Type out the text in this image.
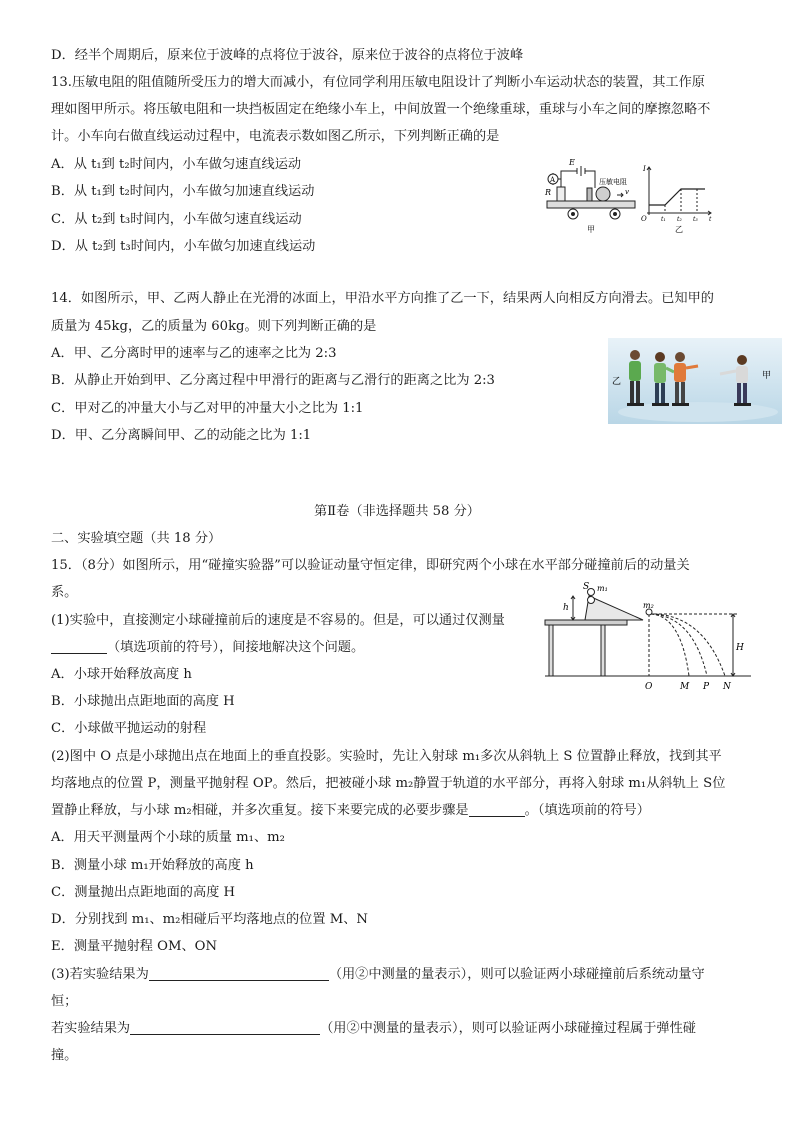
D．经半个周期后，原来位于波峰的点将位于波谷，原来位于波谷的点将位于波峰
13.压敏电阻的阻值随所受压力的增大而减小，有位同学利用压敏电阻设计了判断小车运动状态的装置，其工作原
理如图甲所示。将压敏电阻和一块挡板固定在绝缘小车上，中间放置一个绝缘重球，重球与小车之间的摩擦忽略不
计。小车向右做直线运动过程中，电流表示数如图乙所示，下列判断正确的是
A．从 t₁到 t₂时间内，小车做匀速直线运动
B．从 t₁到 t₂时间内，小车做匀加速直线运动
C．从 t₂到 t₃时间内，小车做匀速直线运动
D．从 t₂到 t₃时间内，小车做匀加速直线运动
A
E
R
压敏电阻
v
甲
I
O t₁ t₂ t₃ t
乙
14．如图所示，甲、乙两人静止在光滑的冰面上，甲沿水平方向推了乙一下，结果两人向相反方向滑去。已知甲的
质量为 45kg，乙的质量为 60kg。则下列判断正确的是
A．甲、乙分离时甲的速率与乙的速率之比为 2:3
B．从静止开始到甲、乙分离过程中甲滑行的距离与乙滑行的距离之比为 2:3
C．甲对乙的冲量大小与乙对甲的冲量大小之比为 1:1
D．甲、乙分离瞬间甲、乙的动能之比为 1:1
乙
甲
第Ⅱ卷（非选择题共 58 分）
二、实验填空题（共 18 分）
15．（8分）如图所示，用“碰撞实验器”可以验证动量守恒定律，即研究两个小球在水平部分碰撞前后的动量关
系。
(1)实验中，直接测定小球碰撞前后的速度是不容易的。但是，可以通过仅测量
（填选项前的符号），间接地解决这个问题。
A．小球开始释放高度 h
B．小球抛出点距地面的高度 H
C．小球做平抛运动的射程
S m₁
h	m₂
H
O	M P N
(2)图中 O 点是小球抛出点在地面上的垂直投影。实验时，先让入射球 m₁多次从斜轨上 S 位置静止释放，找到其平
均落地点的位置 P，测量平抛射程 OP。然后，把被碰小球 m₂静置于轨道的水平部分，再将入射球 m₁从斜轨上 S位
置静止释放，与小球 m₂相碰，并多次重复。接下来要完成的必要步骤是	。（填选项前的符号）
A．用天平测量两个小球的质量 m₁、m₂
B．测量小球 m₁开始释放的高度 h
C．测量抛出点距地面的高度 H
D．分别找到 m₁、m₂相碰后平均落地点的位置 M、N
E．测量平抛射程 OM、ON
(3)若实验结果为	（用②中测量的量表示），则可以验证两小球碰撞前后系统动量守
恒；
若实验结果为	（用②中测量的量表示），则可以验证两小球碰撞过程属于弹性碰
撞。
